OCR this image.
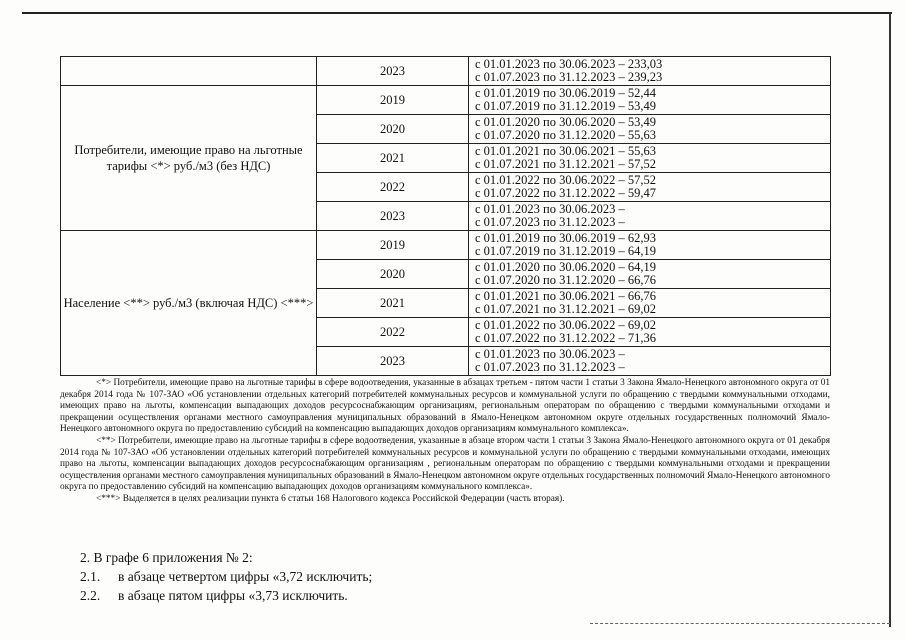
	2023	с 01.01.2023 по 30.06.2023 – 233,03
с 01.07.2023 по 31.12.2023 – 239,23

Потребители, имеющие право на льготные тарифы <*> руб./м3 (без НДС)	2019	с 01.01.2019 по 30.06.2019 – 52,44
с 01.07.2019 по 31.12.2019 – 53,49

	2020	с 01.01.2020 по 30.06.2020 – 53,49
с 01.07.2020 по 31.12.2020 – 55,63

	2021	с 01.01.2021 по 30.06.2021 – 55,63
с 01.07.2021 по 31.12.2021 – 57,52

	2022	с 01.01.2022 по 30.06.2022 – 57,52
с 01.07.2022 по 31.12.2022 – 59,47

	2023	с 01.01.2023 по 30.06.2023 –
с 01.07.2023 по 31.12.2023 –

Население <**> руб./м3 (включая НДС) <***>	2019	с 01.01.2019 по 30.06.2019 – 62,93
с 01.07.2019 по 31.12.2019 – 64,19

	2020	с 01.01.2020 по 30.06.2020 – 64,19
с 01.07.2020 по 31.12.2020 – 66,76

	2021	с 01.01.2021 по 30.06.2021 – 66,76
с 01.07.2021 по 31.12.2021 – 69,02

	2022	с 01.01.2022 по 30.06.2022 – 69,02
с 01.07.2022 по 31.12.2022 – 71,36

	2023	с 01.01.2023 по 30.06.2023 –
с 01.07.2023 по 31.12.2023 –

<*> Потребители, имеющие право на льготные тарифы в сфере водоотведения, указанные в абзацах третьем - пятом части 1 статьи 3 Закона Ямало-Ненецкого автономного округа от 01 декабря 2014 года № 107-ЗАО «Об установлении отдельных категорий потребителей коммунальных ресурсов и коммунальной услуги по обращению с твердыми коммунальными отходами, имеющих право на льготы, компенсации выпадающих доходов ресурсоснабжающим организациям, региональным операторам по обращению с твердыми коммунальными отходами и прекращении осуществления органами местного самоуправления муниципальных образований в Ямало-Ненецком автономном округе отдельных государственных полномочий Ямало-Ненецкого автономного округа по предоставлению субсидий на компенсацию выпадающих доходов организациям коммунального комплекса».

<**> Потребители, имеющие право на льготные тарифы в сфере водоотведения, указанные в абзаце втором части 1 статьи 3 Закона Ямало-Ненецкого автономного округа от 01 декабря 2014 года № 107-ЗАО «Об установлении отдельных категорий потребителей коммунальных ресурсов и коммунальной услуги по обращению с твердыми коммунальными отходами, имеющих право на льготы, компенсации выпадающих доходов ресурсоснабжающим организациям , региональным операторам по обращению с твердыми коммунальными отходами и прекращении осуществления органами местного самоуправления муниципальных образований в Ямало-Ненецком автономном округе отдельных государственных полномочий Ямало-Ненецкого автономного округа по предоставлению субсидий на компенсацию выпадающих доходов организациям коммунального комплекса».

<***> Выделяется в целях реализации пункта 6 статьи 168 Налогового кодекса Российской Федерации (часть вторая).

2. В графе 6 приложения № 2:
2.1. в абзаце четвертом цифры «3,72 исключить;
2.2. в абзаце пятом цифры «3,73 исключить.
